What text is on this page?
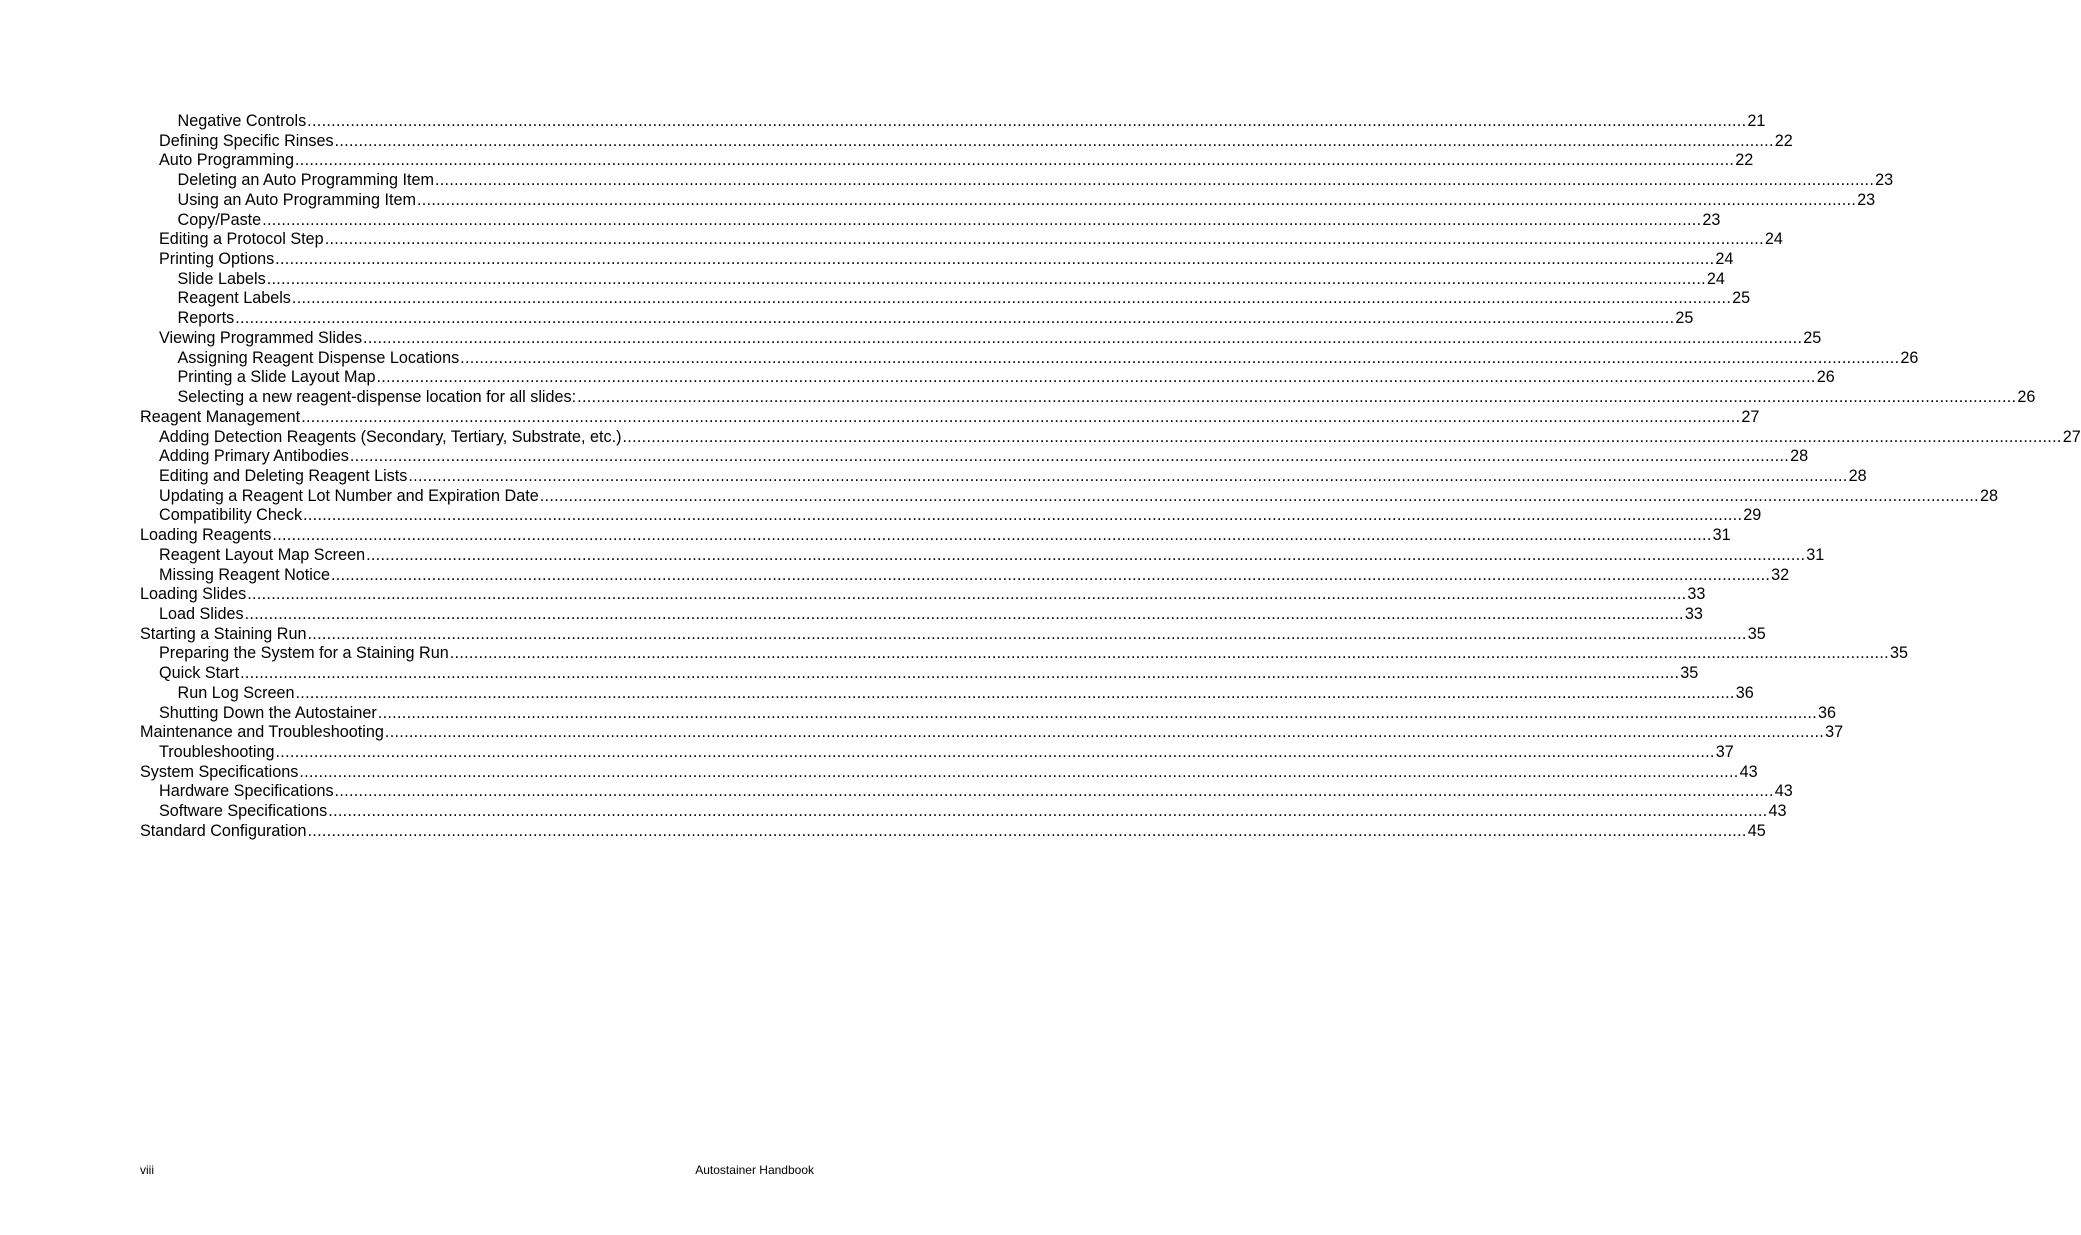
Negative Controls ............................................................................................................................................................................................................................................................................................................ 21
Defining Specific Rinses ............................................................................................................................................................................................................................................................................................................ 22
Auto Programming ............................................................................................................................................................................................................................................................................................................ 22
Deleting an Auto Programming Item ............................................................................................................................................................................................................................................................................................................ 23
Using an Auto Programming Item ............................................................................................................................................................................................................................................................................................................ 23
Copy/Paste ............................................................................................................................................................................................................................................................................................................ 23
Editing a Protocol Step ............................................................................................................................................................................................................................................................................................................ 24
Printing Options ............................................................................................................................................................................................................................................................................................................ 24
Slide Labels ............................................................................................................................................................................................................................................................................................................ 24
Reagent Labels ............................................................................................................................................................................................................................................................................................................ 25
Reports ............................................................................................................................................................................................................................................................................................................ 25
Viewing Programmed Slides ............................................................................................................................................................................................................................................................................................................ 25
Assigning Reagent Dispense Locations ............................................................................................................................................................................................................................................................................................................ 26
Printing a Slide Layout Map ............................................................................................................................................................................................................................................................................................................ 26
Selecting a new reagent-dispense location for all slides: ............................................................................................................................................................................................................................................................................................................ 26
Reagent Management ............................................................................................................................................................................................................................................................................................................ 27
Adding Detection Reagents (Secondary, Tertiary, Substrate, etc.) ............................................................................................................................................................................................................................................................................................................ 27
Adding Primary Antibodies ............................................................................................................................................................................................................................................................................................................ 28
Editing and Deleting Reagent Lists ............................................................................................................................................................................................................................................................................................................ 28
Updating a Reagent Lot Number and Expiration Date ............................................................................................................................................................................................................................................................................................................ 28
Compatibility Check ............................................................................................................................................................................................................................................................................................................ 29
Loading Reagents ............................................................................................................................................................................................................................................................................................................ 31
Reagent Layout Map Screen ............................................................................................................................................................................................................................................................................................................ 31
Missing Reagent Notice ............................................................................................................................................................................................................................................................................................................ 32
Loading Slides ............................................................................................................................................................................................................................................................................................................ 33
Load Slides ............................................................................................................................................................................................................................................................................................................ 33
Starting a Staining Run ............................................................................................................................................................................................................................................................................................................ 35
Preparing the System for a Staining Run ............................................................................................................................................................................................................................................................................................................ 35
Quick Start ............................................................................................................................................................................................................................................................................................................ 35
Run Log Screen ............................................................................................................................................................................................................................................................................................................ 36
Shutting Down the Autostainer ............................................................................................................................................................................................................................................................................................................ 36
Maintenance and Troubleshooting ............................................................................................................................................................................................................................................................................................................ 37
Troubleshooting ............................................................................................................................................................................................................................................................................................................ 37
System Specifications ............................................................................................................................................................................................................................................................................................................ 43
Hardware Specifications ............................................................................................................................................................................................................................................................................................................ 43
Software Specifications ............................................................................................................................................................................................................................................................................................................ 43
Standard Configuration ............................................................................................................................................................................................................................................................................................................ 45
viii	Autostainer Handbook
